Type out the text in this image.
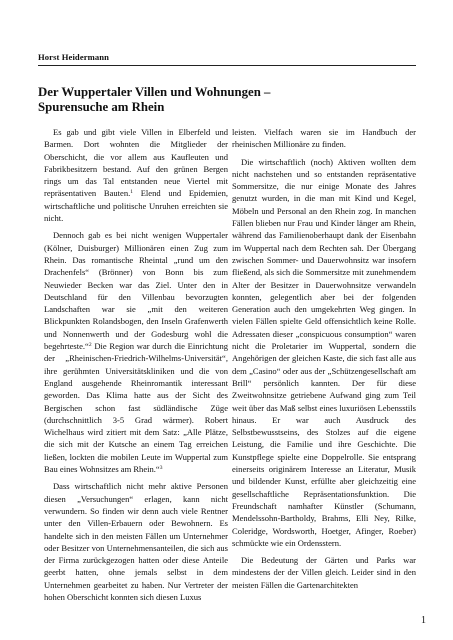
Horst Heidermann
Der Wuppertaler Villen und Wohnungen –
Spurensuche am Rhein

Es gab und gibt viele Villen in Elberfeld und Barmen. Dort wohnten die Mitglieder der Oberschicht, die vor allem aus Kaufleuten und Fabrikbesitzern bestand. Auf den grünen Bergen rings um das Tal entstanden neue Viertel mit repräsentativen Bauten.$^1$ Elend und Epidemien, wirtschaftliche und politische Unruhen erreichten sie nicht.

Dennoch gab es bei nicht wenigen Wuppertaler (Kölner, Duisburger) Millionären einen Zug zum Rhein. Das romantische Rheintal „rund um den Drachenfels“ (Brönner) von Bonn bis zum Neuwieder Becken war das Ziel. Unter den in Deutschland für den Villenbau bevorzugten Landschaften war sie „mit den weiteren Blickpunkten Rolandsbogen, den Inseln Grafenwerth und Nonnenwerth und der Godesburg wohl die begehrteste.“$^2$ Die Region war durch die Einrichtung der „Rheinischen-Friedrich-Wilhelms-Universität“, ihre gerühmten Universitätskliniken und die von England ausgehende Rheinromantik interessant geworden. Das Klima hatte aus der Sicht des Bergischen schon fast südländische Züge (durchschnittlich 3-5 Grad wärmer). Robert Wichelhaus wird zitiert mit dem Satz: „Alle Plätze, die sich mit der Kutsche an einem Tag erreichen ließen, lockten die mobilen Leute im Wuppertal zum Bau eines Wohnsitzes am Rhein.“$^3$

Dass wirtschaftlich nicht mehr aktive Personen diesen „Versuchungen“ erlagen, kann nicht verwundern. So finden wir denn auch viele Rentner unter den Villen-Erbauern oder Bewohnern. Es handelte sich in den meisten Fällen um Unternehmer oder Besitzer von Unternehmensanteilen, die sich aus der Firma zurückgezogen hatten oder diese Anteile geerbt hatten, ohne jemals selbst in dem Unternehmen gearbeitet zu haben. Nur Vertreter der hohen Oberschicht konnten sich diesen Luxus

leisten. Vielfach waren sie im Handbuch der rheinischen Millionäre zu finden.

Die wirtschaftlich (noch) Aktiven wollten dem nicht nachstehen und so entstanden repräsentative Sommersitze, die nur einige Monate des Jahres genutzt wurden, in die man mit Kind und Kegel, Möbeln und Personal an den Rhein zog. In manchen Fällen blieben nur Frau und Kinder länger am Rhein, während das Familienoberhaupt dank der Eisenbahn im Wuppertal nach dem Rechten sah. Der Übergang zwischen Sommer- und Dauerwohnsitz war insofern fließend, als sich die Sommersitze mit zunehmendem Alter der Besitzer in Dauerwohnsitze verwandeln konnten, gelegentlich aber bei der folgenden Generation auch den umgekehrten Weg gingen. In vielen Fällen spielte Geld offensichtlich keine Rolle. Adressaten dieser „conspicuous consumption“ waren nicht die Proletarier im Wuppertal, sondern die Angehörigen der gleichen Kaste, die sich fast alle aus dem „Casino“ oder aus der „Schützengesellschaft am Brill“ persönlich kannten. Der für diese Zweitwohnsitze getriebene Aufwand ging zum Teil weit über das Maß selbst eines luxuriösen Lebensstils hinaus. Er war auch Ausdruck des Selbstbewusstseins, des Stolzes auf die eigene Leistung, die Familie und ihre Geschichte. Die Kunstpflege spielte eine Doppelrolle. Sie entsprang einerseits originärem Interesse an Literatur, Musik und bildender Kunst, erfüllte aber gleichzeitig eine gesellschaftliche Repräsentationsfunktion. Die Freundschaft namhafter Künstler (Schumann, Mendelssohn-Bartholdy, Brahms, Elli Ney, Rilke, Coleridge, Wordsworth, Hoetger, Afinger, Roeber) schmückte wie ein Ordensstern.

Die Bedeutung der Gärten und Parks war mindestens der der Villen gleich. Leider sind in den meisten Fällen die Gartenarchitekten

1
